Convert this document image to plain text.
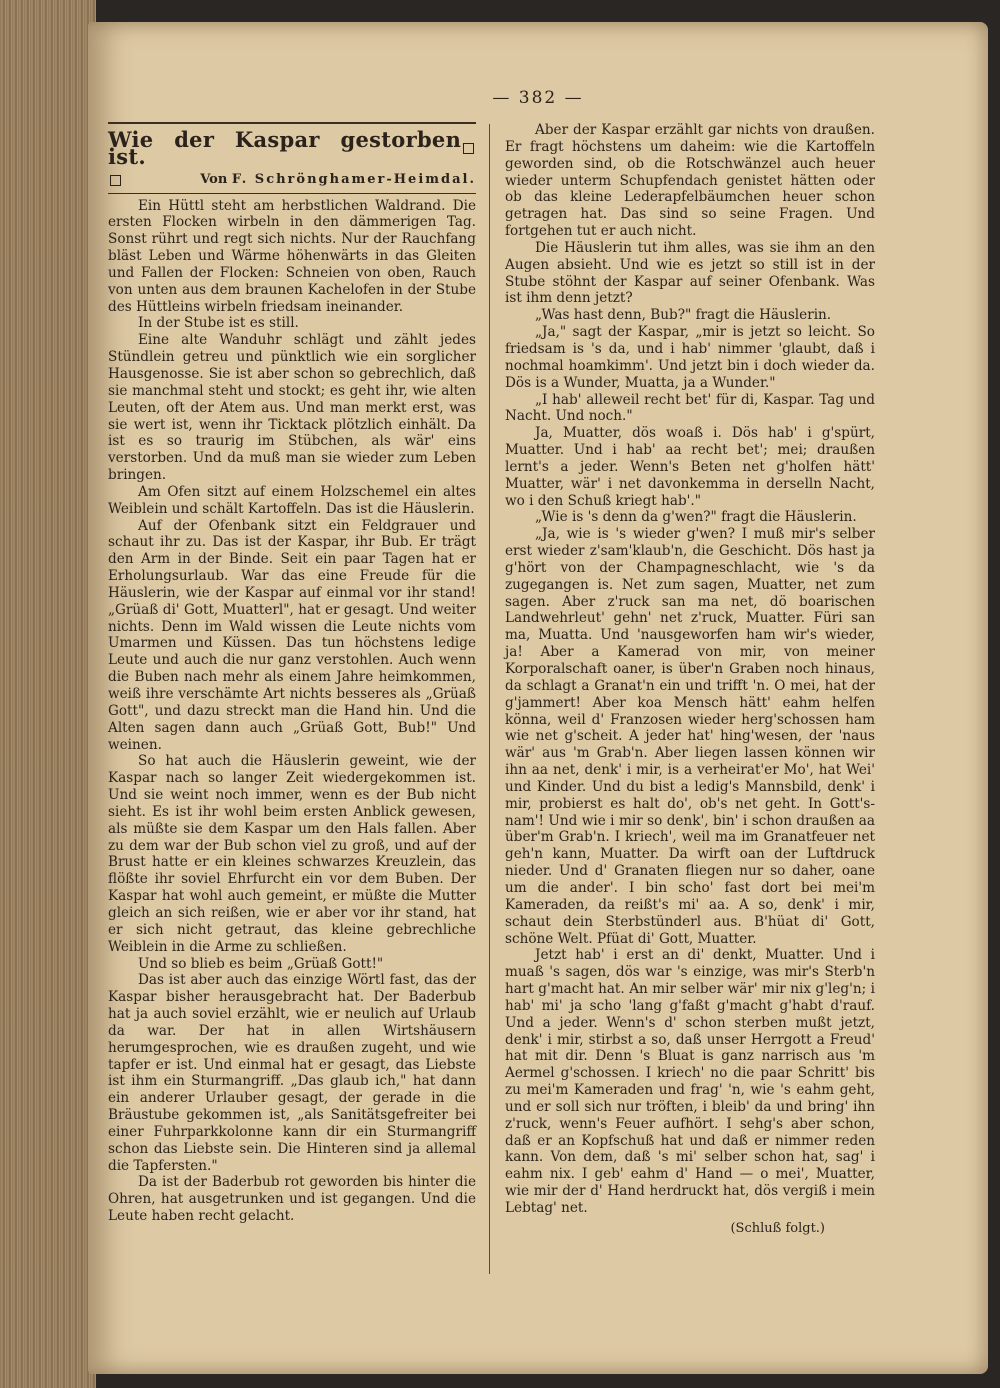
— 382 —
Wie der Kaspar gestorben ist.
Von F. Schrönghamer-Heimdal.

Ein Hüttl steht am herbstlichen Waldrand. Die ersten Flocken wirbeln in den dämmerigen Tag. Sonst rührt und regt sich nichts. Nur der Rauchfang bläst Leben und Wärme höhenwärts in das Gleiten und Fallen der Flocken: Schneien von oben, Rauch von unten aus dem braunen Kachelofen in der Stube des Hüttleins wirbeln friedsam ineinander.

In der Stube ist es still.

Eine alte Wanduhr schlägt und zählt jedes Stündlein getreu und pünktlich wie ein sorglicher Hausgenosse. Sie ist aber schon so gebrechlich, daß sie manchmal steht und stockt; es geht ihr, wie alten Leuten, oft der Atem aus. Und man merkt erst, was sie wert ist, wenn ihr Ticktack plötzlich einhält. Da ist es so traurig im Stübchen, als wär' eins verstorben. Und da muß man sie wieder zum Leben bringen.

Am Ofen sitzt auf einem Holzschemel ein altes Weiblein und schält Kartoffeln. Das ist die Häuslerin.

Auf der Ofenbank sitzt ein Feldgrauer und schaut ihr zu. Das ist der Kaspar, ihr Bub. Er trägt den Arm in der Binde. Seit ein paar Tagen hat er Erholungsurlaub. War das eine Freude für die Häuslerin, wie der Kaspar auf einmal vor ihr stand! „Grüaß di' Gott, Muatterl", hat er gesagt. Und weiter nichts. Denn im Wald wissen die Leute nichts vom Umarmen und Küssen. Das tun höchstens ledige Leute und auch die nur ganz verstohlen. Auch wenn die Buben nach mehr als einem Jahre heimkommen, weiß ihre verschämte Art nichts besseres als „Grüaß Gott", und dazu streckt man die Hand hin. Und die Alten sagen dann auch „Grüaß Gott, Bub!" Und weinen.

So hat auch die Häuslerin geweint, wie der Kaspar nach so langer Zeit wiedergekommen ist. Und sie weint noch immer, wenn es der Bub nicht sieht. Es ist ihr wohl beim ersten Anblick gewesen, als müßte sie dem Kaspar um den Hals fallen. Aber zu dem war der Bub schon viel zu groß, und auf der Brust hatte er ein kleines schwarzes Kreuzlein, das flößte ihr soviel Ehrfurcht ein vor dem Buben. Der Kaspar hat wohl auch gemeint, er müßte die Mutter gleich an sich reißen, wie er aber vor ihr stand, hat er sich nicht getraut, das kleine gebrechliche Weiblein in die Arme zu schließen.

Und so blieb es beim „Grüaß Gott!"

Das ist aber auch das einzige Wörtl fast, das der Kaspar bisher herausgebracht hat. Der Baderbub hat ja auch soviel erzählt, wie er neulich auf Urlaub da war. Der hat in allen Wirtshäusern herumgesprochen, wie es draußen zugeht, und wie tapfer er ist. Und einmal hat er gesagt, das Liebste ist ihm ein Sturmangriff. „Das glaub ich," hat dann ein anderer Urlauber gesagt, der gerade in die Bräustube gekommen ist, „als Sanitätsgefreiter bei einer Fuhrparkkolonne kann dir ein Sturmangriff schon das Liebste sein. Die Hinteren sind ja allemal die Tapfersten."

Da ist der Baderbub rot geworden bis hinter die Ohren, hat ausgetrunken und ist gegangen. Und die Leute haben recht gelacht.

Aber der Kaspar erzählt gar nichts von draußen. Er fragt höchstens um daheim: wie die Kartoffeln geworden sind, ob die Rotschwänzel auch heuer wieder unterm Schupfendach genistet hätten oder ob das kleine Lederapfelbäumchen heuer schon getragen hat. Das sind so seine Fragen. Und fortgehen tut er auch nicht.

Die Häuslerin tut ihm alles, was sie ihm an den Augen absieht. Und wie es jetzt so still ist in der Stube stöhnt der Kaspar auf seiner Ofenbank. Was ist ihm denn jetzt?

„Was hast denn, Bub?" fragt die Häuslerin.

„Ja," sagt der Kaspar, „mir is jetzt so leicht. So friedsam is 's da, und i hab' nimmer 'glaubt, daß i nochmal hoamkimm'. Und jetzt bin i doch wieder da. Dös is a Wunder, Muatta, ja a Wunder."

„I hab' alleweil recht bet' für di, Kaspar. Tag und Nacht. Und noch."

Ja, Muatter, dös woaß i. Dös hab' i g'spürt, Muatter. Und i hab' aa recht bet'; mei; draußen lernt's a jeder. Wenn's Beten net g'holfen hätt' Muatter, wär' i net davonkemma in derselln Nacht, wo i den Schuß kriegt hab'."

„Wie is 's denn da g'wen?" fragt die Häuslerin.

„Ja, wie is 's wieder g'wen? I muß mir's selber erst wieder z'sam'klaub'n, die Geschicht. Dös hast ja g'hört von der Champagneschlacht, wie 's da zugegangen is. Net zum sagen, Muatter, net zum sagen. Aber z'ruck san ma net, dö boarischen Landwehrleut' gehn' net z'ruck, Muatter. Füri san ma, Muatta. Und 'nausgeworfen ham wir's wieder, ja! Aber a Kamerad von mir, von meiner Korporalschaft oaner, is über'n Graben noch hinaus, da schlagt a Granat'n ein und trifft 'n. O mei, hat der g'jammert! Aber koa Mensch hätt' eahm helfen könna, weil d' Franzosen wieder herg'schossen ham wie net g'scheit. A jeder hat' hing'wesen, der 'naus wär' aus 'm Grab'n. Aber liegen lassen können wir ihn aa net, denk' i mir, is a verheirat'er Mo', hat Wei' und Kinder. Und du bist a ledig's Mannsbild, denk' i mir, probierst es halt do', ob's net geht. In Gott's-nam'! Und wie i mir so denk', bin' i schon draußen aa über'm Grab'n. I kriech', weil ma im Granatfeuer net geh'n kann, Muatter. Da wirft oan der Luftdruck nieder. Und d' Granaten fliegen nur so daher, oane um die ander'. I bin scho' fast dort bei mei'm Kameraden, da reißt's mi' aa. A so, denk' i mir, schaut dein Sterbstünderl aus. B'hüat di' Gott, schöne Welt. Pfüat di' Gott, Muatter.

Jetzt hab' i erst an di' denkt, Muatter. Und i muaß 's sagen, dös war 's einzige, was mir's Sterb'n hart g'macht hat. An mir selber wär' mir nix g'leg'n; i hab' mi' ja scho 'lang g'faßt g'macht g'habt d'rauf. Und a jeder. Wenn's d' schon sterben mußt jetzt, denk' i mir, stirbst a so, daß unser Herrgott a Freud' hat mit dir. Denn 's Bluat is ganz narrisch aus 'm Aermel g'schossen. I kriech' no die paar Schritt' bis zu mei'm Kameraden und frag' 'n, wie 's eahm geht, und er soll sich nur tröften, i bleib' da und bring' ihn z'ruck, wenn's Feuer aufhört. I sehg's aber schon, daß er an Kopfschuß hat und daß er nimmer reden kann. Von dem, daß 's mi' selber schon hat, sag' i eahm nix. I geb' eahm d' Hand — o mei', Muatter, wie mir der d' Hand herdruckt hat, dös vergiß i mein Lebtag' net.

(Schluß folgt.)
